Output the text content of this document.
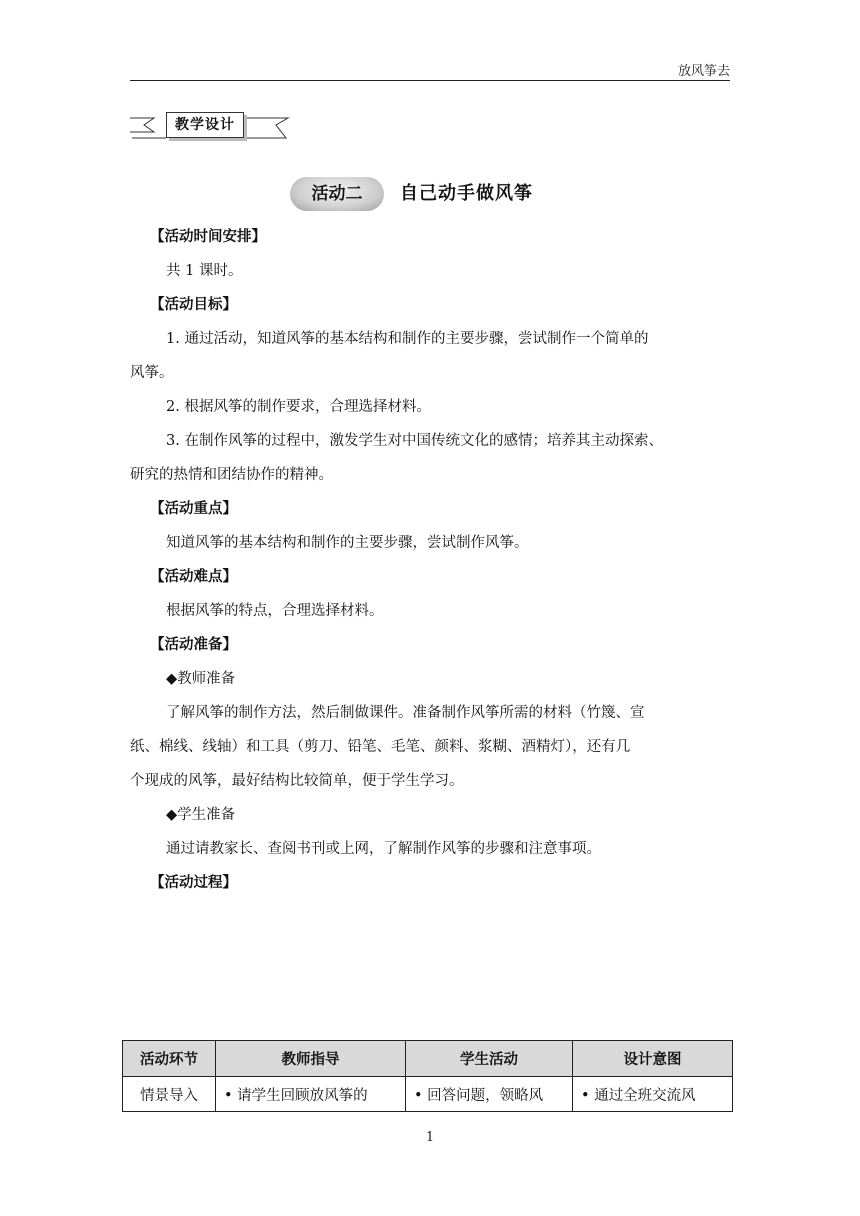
放风筝去
教学设计
活动二	自己动手做风筝

【活动时间安排】

共 1 课时。

【活动目标】

1. 通过活动，知道风筝的基本结构和制作的主要步骤，尝试制作一个简单的

风筝。

2. 根据风筝的制作要求，合理选择材料。

3. 在制作风筝的过程中，激发学生对中国传统文化的感情；培养其主动探索、

研究的热情和团结协作的精神。

【活动重点】

知道风筝的基本结构和制作的主要步骤，尝试制作风筝。

【活动难点】

根据风筝的特点，合理选择材料。

【活动准备】

◆教师准备

了解风筝的制作方法，然后制做课件。准备制作风筝所需的材料（竹篾、宣

纸、棉线、线轴）和工具（剪刀、铅笔、毛笔、颜料、浆糊、酒精灯），还有几

个现成的风筝，最好结构比较简单，便于学生学习。

◆学生准备

通过请教家长、查阅书刊或上网，了解制作风筝的步骤和注意事项。

【活动过程】

活动环节	教师指导	学生活动	设计意图
情景导入	• 请学生回顾放风筝的	• 回答问题，领略风	• 通过全班交流风
1
